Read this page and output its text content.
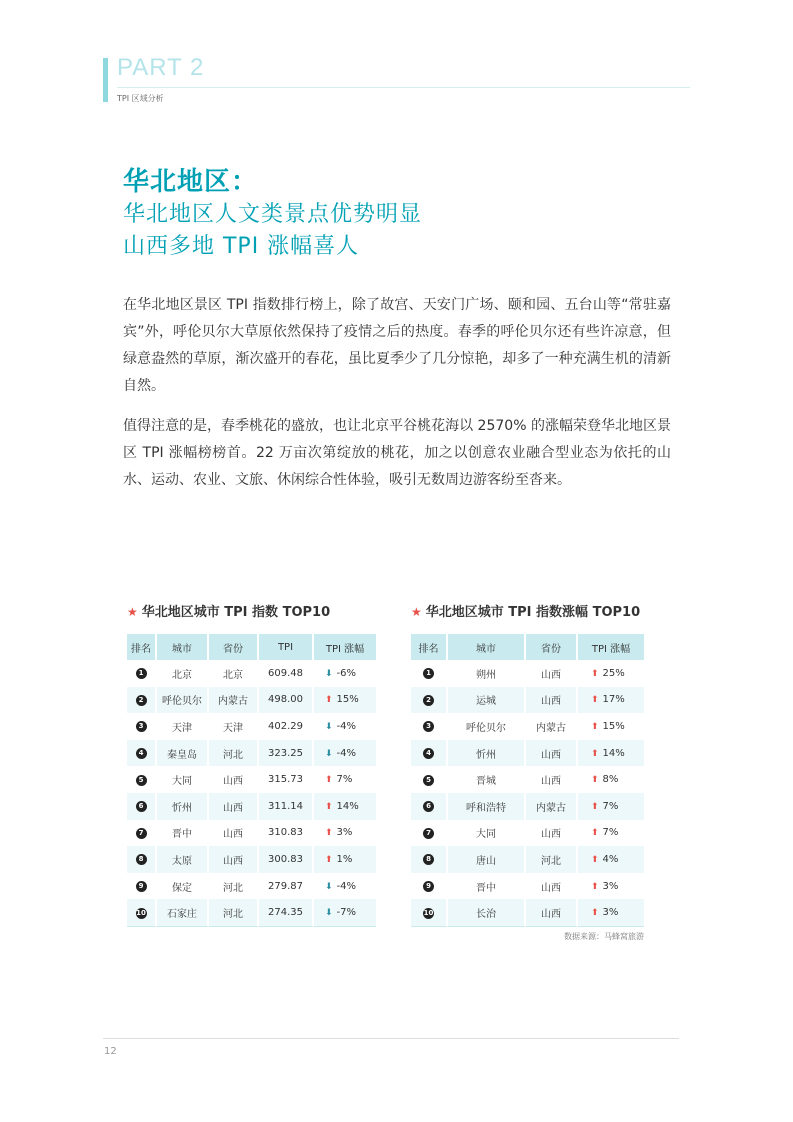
PART 2
TPI 区域分析
华北地区：
华北地区人文类景点优势明显
山西多地 TPI 涨幅喜人

在华北地区景区 TPI 指数排行榜上，除了故宫、天安门广场、颐和园、五台山等“常驻嘉宾”外，呼伦贝尔大草原依然保持了疫情之后的热度。春季的呼伦贝尔还有些许凉意，但绿意盎然的草原，渐次盛开的春花，虽比夏季少了几分惊艳，却多了一种充满生机的清新自然。

值得注意的是，春季桃花的盛放，也让北京平谷桃花海以 2570% 的涨幅荣登华北地区景区 TPI 涨幅榜榜首。22 万亩次第绽放的桃花，加之以创意农业融合型业态为依托的山水、运动、农业、文旅、休闲综合性体验，吸引无数周边游客纷至沓来。

★ 华北地区城市 TPI 指数 TOP10
排名	城市	省份	TPI	TPI 涨幅
1	北京	北京	609.48	⬇ -6%
2	呼伦贝尔	内蒙古	498.00	⬆ 15%
3	天津	天津	402.29	⬇ -4%
4	秦皇岛	河北	323.25	⬇ -4%
5	大同	山西	315.73	⬆ 7%
6	忻州	山西	311.14	⬆ 14%
7	晋中	山西	310.83	⬆ 3%
8	太原	山西	300.83	⬆ 1%
9	保定	河北	279.87	⬇ -4%
10	石家庄	河北	274.35	⬇ -7%
★ 华北地区城市 TPI 指数涨幅 TOP10
排名	城市	省份	TPI 涨幅
1	朔州	山西	⬆ 25%
2	运城	山西	⬆ 17%
3	呼伦贝尔	内蒙古	⬆ 15%
4	忻州	山西	⬆ 14%
5	晋城	山西	⬆ 8%
6	呼和浩特	内蒙古	⬆ 7%
7	大同	山西	⬆ 7%
8	唐山	河北	⬆ 4%
9	晋中	山西	⬆ 3%
10	长治	山西	⬆ 3%
数据来源：马蜂窝旅游
12
